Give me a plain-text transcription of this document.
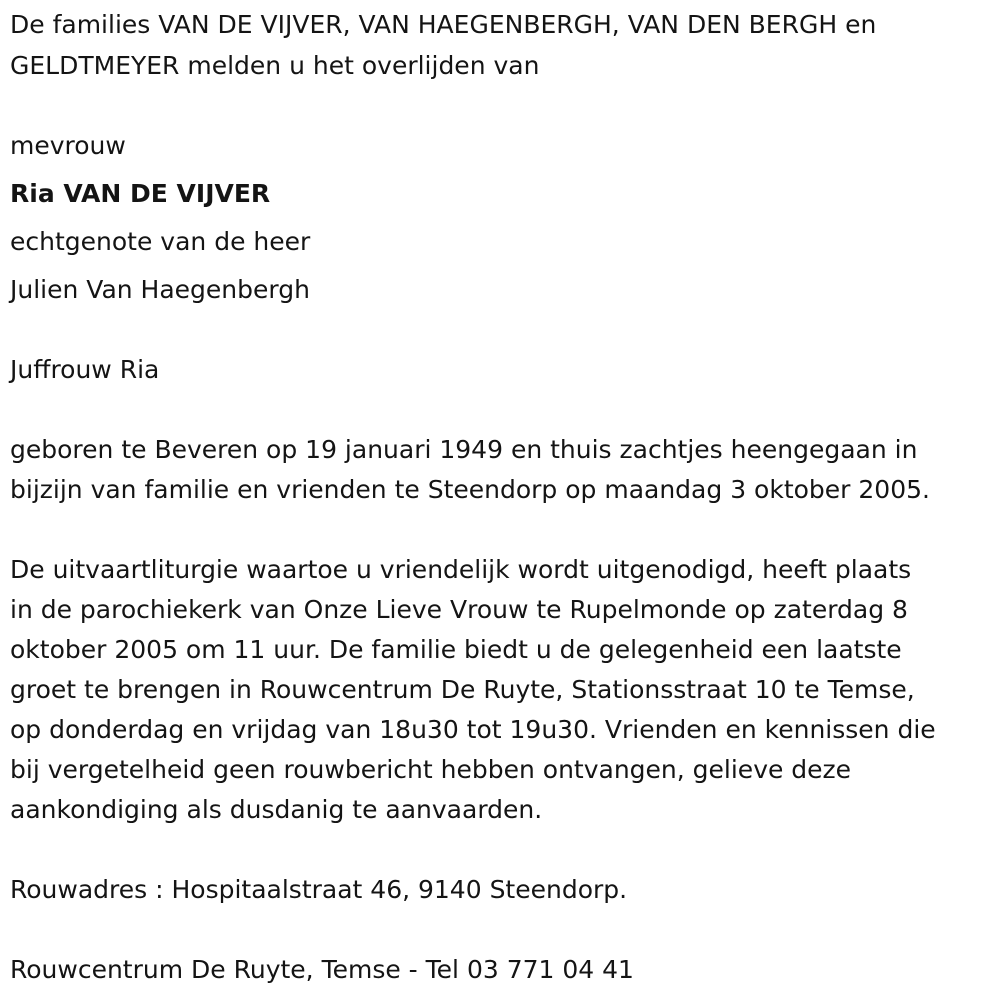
De families VAN DE VIJVER, VAN HAEGENBERGH, VAN DEN BERGH en
GELDTMEYER melden u het overlijden van
mevrouw
Ria VAN DE VIJVER
echtgenote van de heer
Julien Van Haegenbergh
Juffrouw Ria
geboren te Beveren op 19 januari 1949 en thuis zachtjes heengegaan in
bijzijn van familie en vrienden te Steendorp op maandag 3 oktober 2005.
De uitvaartliturgie waartoe u vriendelijk wordt uitgenodigd, heeft plaats
in de parochiekerk van Onze Lieve Vrouw te Rupelmonde op zaterdag 8
oktober 2005 om 11 uur. De familie biedt u de gelegenheid een laatste
groet te brengen in Rouwcentrum De Ruyte, Stationsstraat 10 te Temse,
op donderdag en vrijdag van 18u30 tot 19u30. Vrienden en kennissen die
bij vergetelheid geen rouwbericht hebben ontvangen, gelieve deze
aankondiging als dusdanig te aanvaarden.
Rouwadres : Hospitaalstraat 46, 9140 Steendorp.
Rouwcentrum De Ruyte, Temse - Tel 03 771 04 41
